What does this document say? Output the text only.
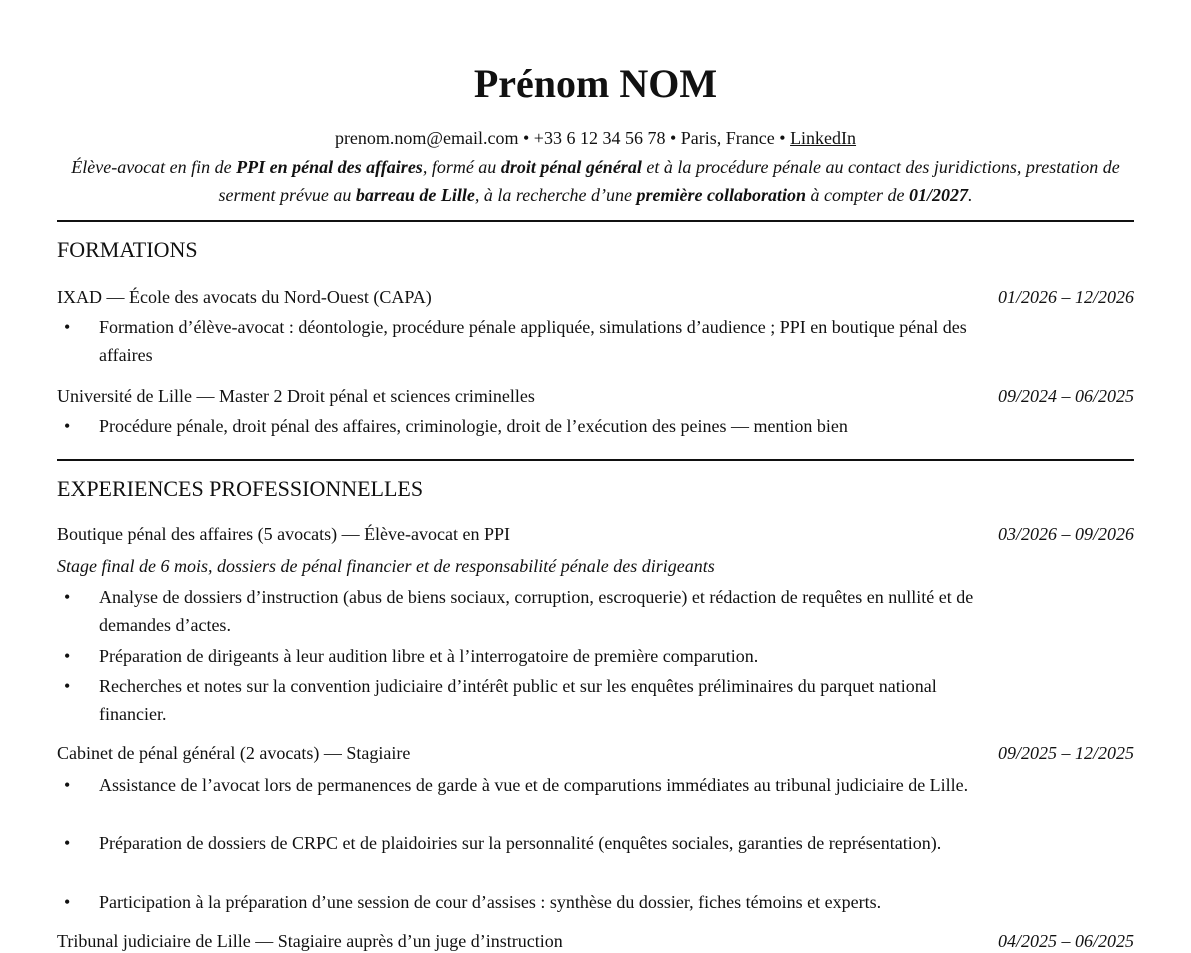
Prénom NOM
prenom.nom@email.com • +33 6 12 34 56 78 • Paris, France • LinkedIn
Élève-avocat en fin de PPI en pénal des affaires, formé au droit pénal général et à la procédure pénale au contact des juridictions, prestation de serment prévue au barreau de Lille, à la recherche d’une première collaboration à compter de 01/2027.
FORMATIONS
IXAD — École des avocats du Nord-Ouest (CAPA)	01/2026 – 12/2026
• Formation d’élève-avocat : déontologie, procédure pénale appliquée, simulations d’audience ; PPI en boutique pénal des affaires
Université de Lille — Master 2 Droit pénal et sciences criminelles	09/2024 – 06/2025
• Procédure pénale, droit pénal des affaires, criminologie, droit de l’exécution des peines — mention bien
EXPERIENCES PROFESSIONNELLES
Boutique pénal des affaires (5 avocats) — Élève-avocat en PPI	03/2026 – 09/2026
Stage final de 6 mois, dossiers de pénal financier et de responsabilité pénale des dirigeants
• Analyse de dossiers d’instruction (abus de biens sociaux, corruption, escroquerie) et rédaction de requêtes en nullité et de demandes d’actes.
• Préparation de dirigeants à leur audition libre et à l’interrogatoire de première comparution.
• Recherches et notes sur la convention judiciaire d’intérêt public et sur les enquêtes préliminaires du parquet national financier.
Cabinet de pénal général (2 avocats) — Stagiaire	09/2025 – 12/2025
• Assistance de l’avocat lors de permanences de garde à vue et de comparutions immédiates au tribunal judiciaire de Lille.
• Préparation de dossiers de CRPC et de plaidoiries sur la personnalité (enquêtes sociales, garanties de représentation).
• Participation à la préparation d’une session de cour d’assises : synthèse du dossier, fiches témoins et experts.
Tribunal judiciaire de Lille — Stagiaire auprès d’un juge d’instruction	04/2025 – 06/2025
